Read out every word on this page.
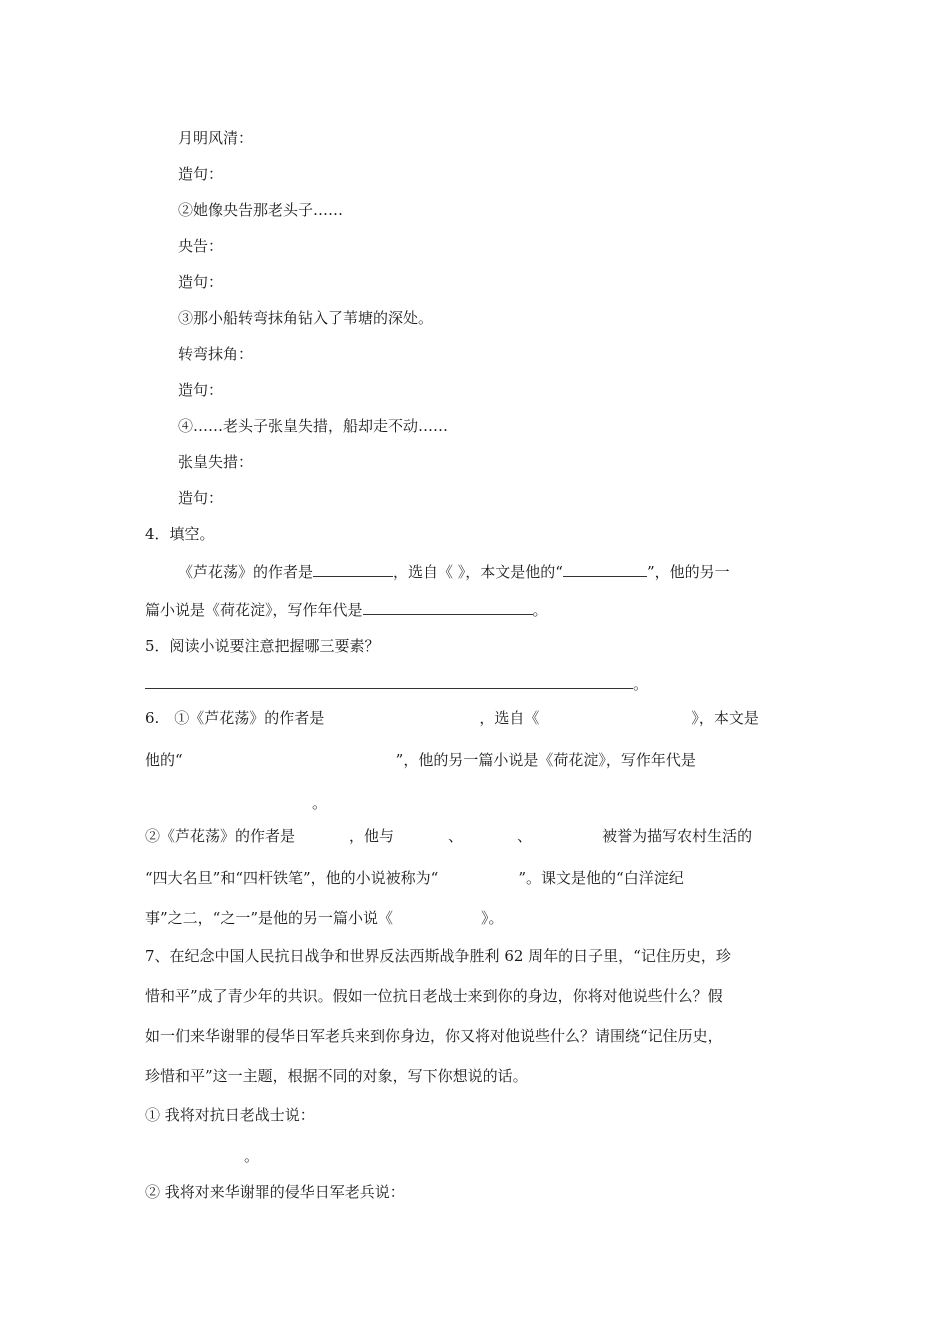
月明风清：
造句：
②她像央告那老头子……
央告：
造句：
③那小船转弯抹角钻入了苇塘的深处。
转弯抹角：
造句：
④……老头子张皇失措，船却走不动……
张皇失措：
造句：
4．填空。
《芦花荡》的作者是	，选自《 》，本文是他的“	”，他的另一
篇小说是《荷花淀》，写作年代是	。
5．阅读小说要注意把握哪三要素？
。
6.　①《芦花荡》的作者是	，选自《	》，本文是
他的“	”，他的另一篇小说是《荷花淀》，写作年代是
。
②《芦花荡》的作者是	，他与	、	、	被誉为描写农村生活的
“四大名旦”和“四杆铁笔”，他的小说被称为“	”。课文是他的“白洋淀纪
事”之二，“之一”是他的另一篇小说《	》。
7、在纪念中国人民抗日战争和世界反法西斯战争胜利 62 周年的日子里，“记住历史，珍
惜和平”成了青少年的共识。假如一位抗日老战士来到你的身边，你将对他说些什么？假
如一们来华谢罪的侵华日军老兵来到你身边，你又将对他说些什么？请围绕“记住历史，
珍惜和平”这一主题，根据不同的对象，写下你想说的话。
① 我将对抗日老战士说：
。
② 我将对来华谢罪的侵华日军老兵说：
